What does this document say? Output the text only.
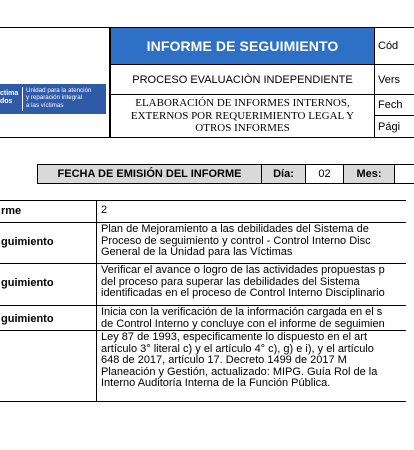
ctima
dos
Unidad para la atención
y reparación integral
a las víctimas
INFORME DE SEGUIMIENTO
PROCESO EVALUACIÒN INDEPENDIENTE
ELABORACIÓN DE INFORMES INTERNOS,
EXTERNOS POR REQUERIMIENTO LEGAL Y
OTROS INFORMES
Cód
Vers
Fech
Pági
FECHA DE EMISIÓN DEL INFORME	Día: 02 Mes:
rme	2
guimiento
Plan de Mejoramiento a las debilidades del Sistema de
Proceso de seguimiento y control - Control Interno Disc
General de la Unidad para las Víctimas
guimiento
Verificar el avance o logro de las actividades propuestas p
del proceso para superar las debilidades del Sistema
identificadas en el proceso de Control Interno Disciplinario
guimiento
Inicia con la verificación de la información cargada en el s
de Control Interno y concluye con el informe de seguimien
Ley 87 de 1993, especificamente lo dispuesto en el art
artículo 3° literal c) y el artículo 4° c), g) e i), y el artículo
648 de 2017, artículo 17. Decreto 1499 de 2017 M
Planeación y Gestión, actualizado: MIPG. Guía Rol de la
Interno Auditoría Interna de la Función Pública.
